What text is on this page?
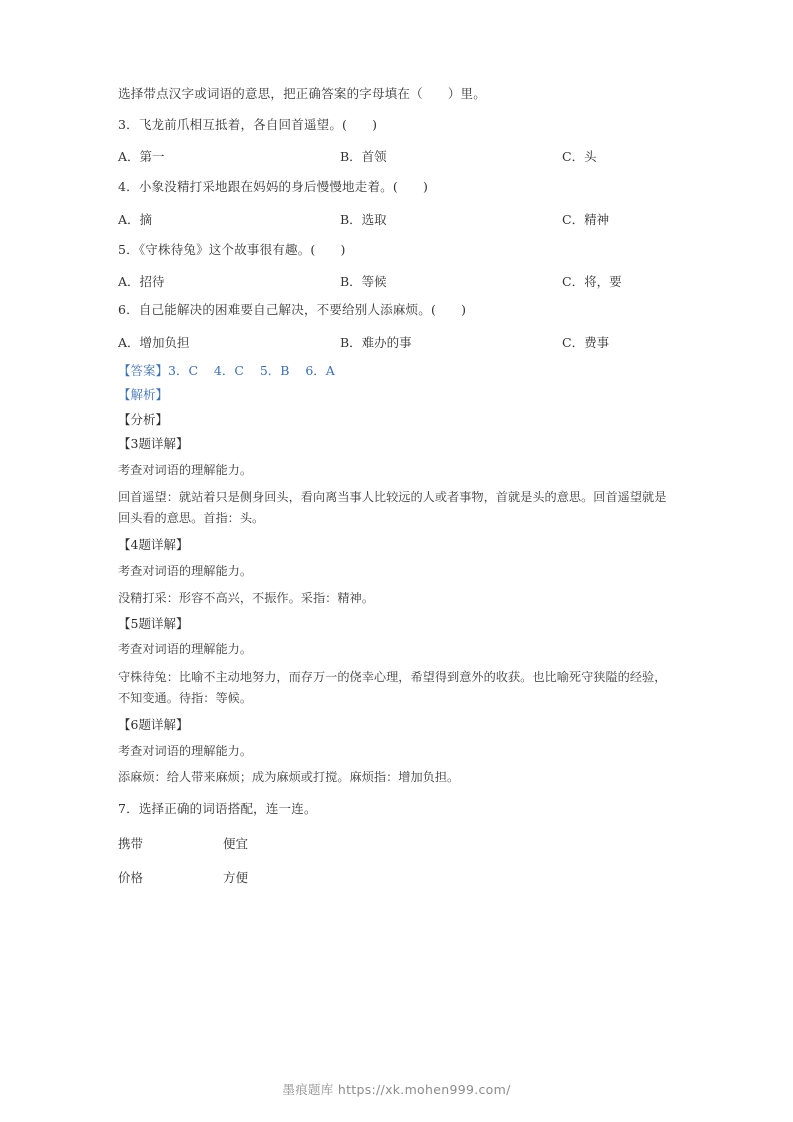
选择带点汉字或词语的意思，把正确答案的字母填在（      ）里。
3．飞龙前爪相互抵着，各自回首遥望。(      )
A．第一	B．首领	C．头
4．小象没精打采地跟在妈妈的身后慢慢地走着。(      )
A．摘	B．选取	C．精神
5．《守株待兔》这个故事很有趣。(      )
A．招待	B．等候	C．将，要
6．自己能解决的困难要自己解决，不要给别人添麻烦。(      )
A．增加负担	B．难办的事	C．费事
【答案】3．C    4．C    5．B    6．A
【解析】
【分析】
【3题详解】
考查对词语的理解能力。
回首遥望：就站着只是侧身回头，看向离当事人比较远的人或者事物，首就是头的意思。回首遥望就是回头看的意思。首指：头。
【4题详解】
考查对词语的理解能力。
没精打采：形容不高兴，不振作。采指：精神。
【5题详解】
考查对词语的理解能力。
守株待兔：比喻不主动地努力，而存万一的侥幸心理，希望得到意外的收获。也比喻死守狭隘的经验，不知变通。待指：等候。
【6题详解】
考查对词语的理解能力。
添麻烦：给人带来麻烦；成为麻烦或打搅。麻烦指：增加负担。
7．选择正确的词语搭配，连一连。
携带	便宜
价格	方便
墨痕题库 https://xk.mohen999.com/
